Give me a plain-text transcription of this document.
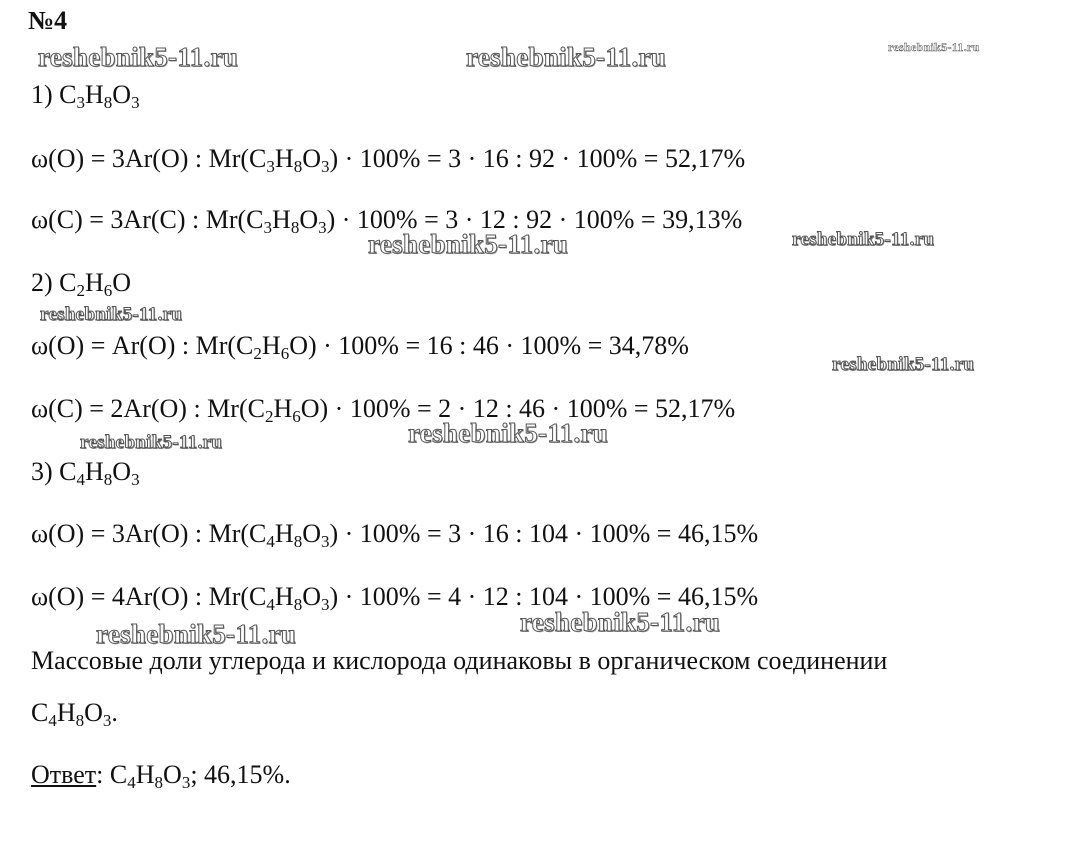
№4
1) $C_3H_8O_3$
ω(O) = 3Ar(O) : $Mr(C_3H_8O_3) \cdot 100\% = 3 \cdot 16$ : 92 · 100% = 52,17%
ω(C) = 3Ar(C) : $Mr(C_3H_8O_3) \cdot 100\% = 3 \cdot 12$ : 92 · 100% = 39,13%
2) $C_2H_6O$
ω(O) = Ar(O) : $Mr(C_2H_6O) \cdot 100\% = 16$ : 46 · 100% = 34,78%
ω(C) = 2Ar(O) : $Mr(C_2H_6O) \cdot 100\% = 2 \cdot 12$ : 46 · 100% = 52,17%
3) $C_4H_8O_3$
ω(O) = 3Ar(O) : $Mr(C_4H_8O_3) \cdot 100\% = 3 \cdot 16$ : 104 · 100% = 46,15%
ω(O) = 4Ar(O) : $Mr(C_4H_8O_3) \cdot 100\% = 4 \cdot 12$ : 104 · 100% = 46,15%
Массовые доли углерода и кислорода одинаковы в органическом соединении
$C_4H_8O_3$.
Ответ: $C_4H_8O_3$; 46,15%.
reshebnik5-11.ru	reshebnik5-11.ru	reshebnik5-11.ru
reshebnik5-11.ru	reshebnik5-11.ru
reshebnik5-11.ru
reshebnik5-11.ru
reshebnik5-11.ru	reshebnik5-11.ru
reshebnik5-11.ru	reshebnik5-11.ru
